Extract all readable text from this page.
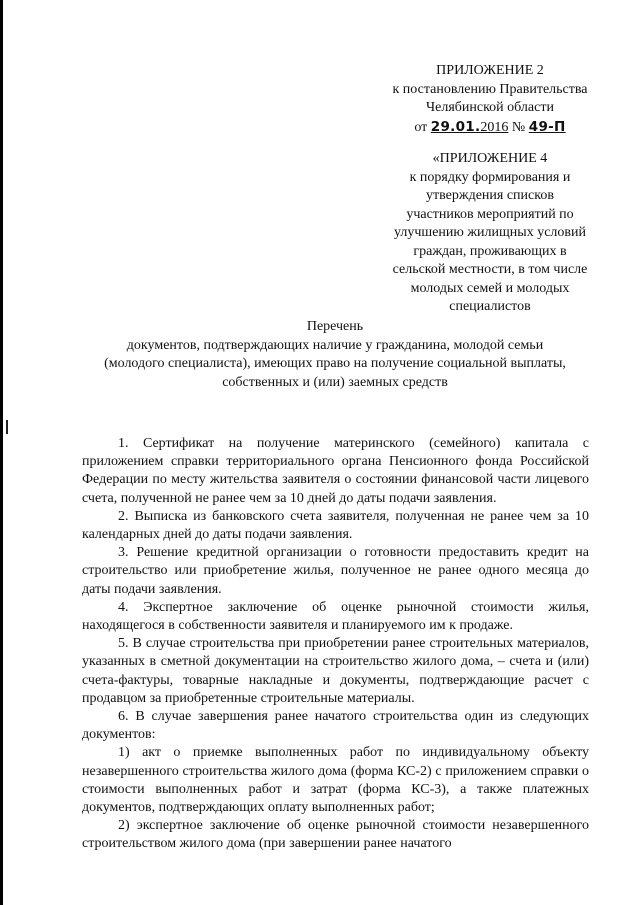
ПРИЛОЖЕНИЕ 2
к постановлению Правительства
Челябинской области
от 29.01.2016 № 49-П
«ПРИЛОЖЕНИЕ 4
к порядку формирования и
утверждения списков
участников мероприятий по
улучшению жилищных условий
граждан, проживающих в
сельской местности, в том числе
молодых семей и молодых
специалистов
Перечень
документов, подтверждающих наличие у гражданина, молодой семьи
(молодого специалиста), имеющих право на получение социальной выплаты,
собственных и (или) заемных средств

1. Сертификат на получение материнского (семейного) капитала с приложением справки территориального органа Пенсионного фонда Российской Федерации по месту жительства заявителя о состоянии финансовой части лицевого счета, полученной не ранее чем за 10 дней до даты подачи заявления.

2. Выписка из банковского счета заявителя, полученная не ранее чем за 10 календарных дней до даты подачи заявления.

3. Решение кредитной организации о готовности предоставить кредит на строительство или приобретение жилья, полученное не ранее одного месяца до даты подачи заявления.

4. Экспертное заключение об оценке рыночной стоимости жилья, находящегося в собственности заявителя и планируемого им к продаже.

5. В случае строительства при приобретении ранее строительных материалов, указанных в сметной документации на строительство жилого дома, – счета и (или) счета-фактуры, товарные накладные и документы, подтверждающие расчет с продавцом за приобретенные строительные материалы.

6. В случае завершения ранее начатого строительства один из следующих документов:

1) акт о приемке выполненных работ по индивидуальному объекту незавершенного строительства жилого дома (форма КС-2) с приложением справки о стоимости выполненных работ и затрат (форма КС-3), а также платежных документов, подтверждающих оплату выполненных работ;

2) экспертное заключение об оценке рыночной стоимости незавершенного строительством жилого дома (при завершении ранее начатого
